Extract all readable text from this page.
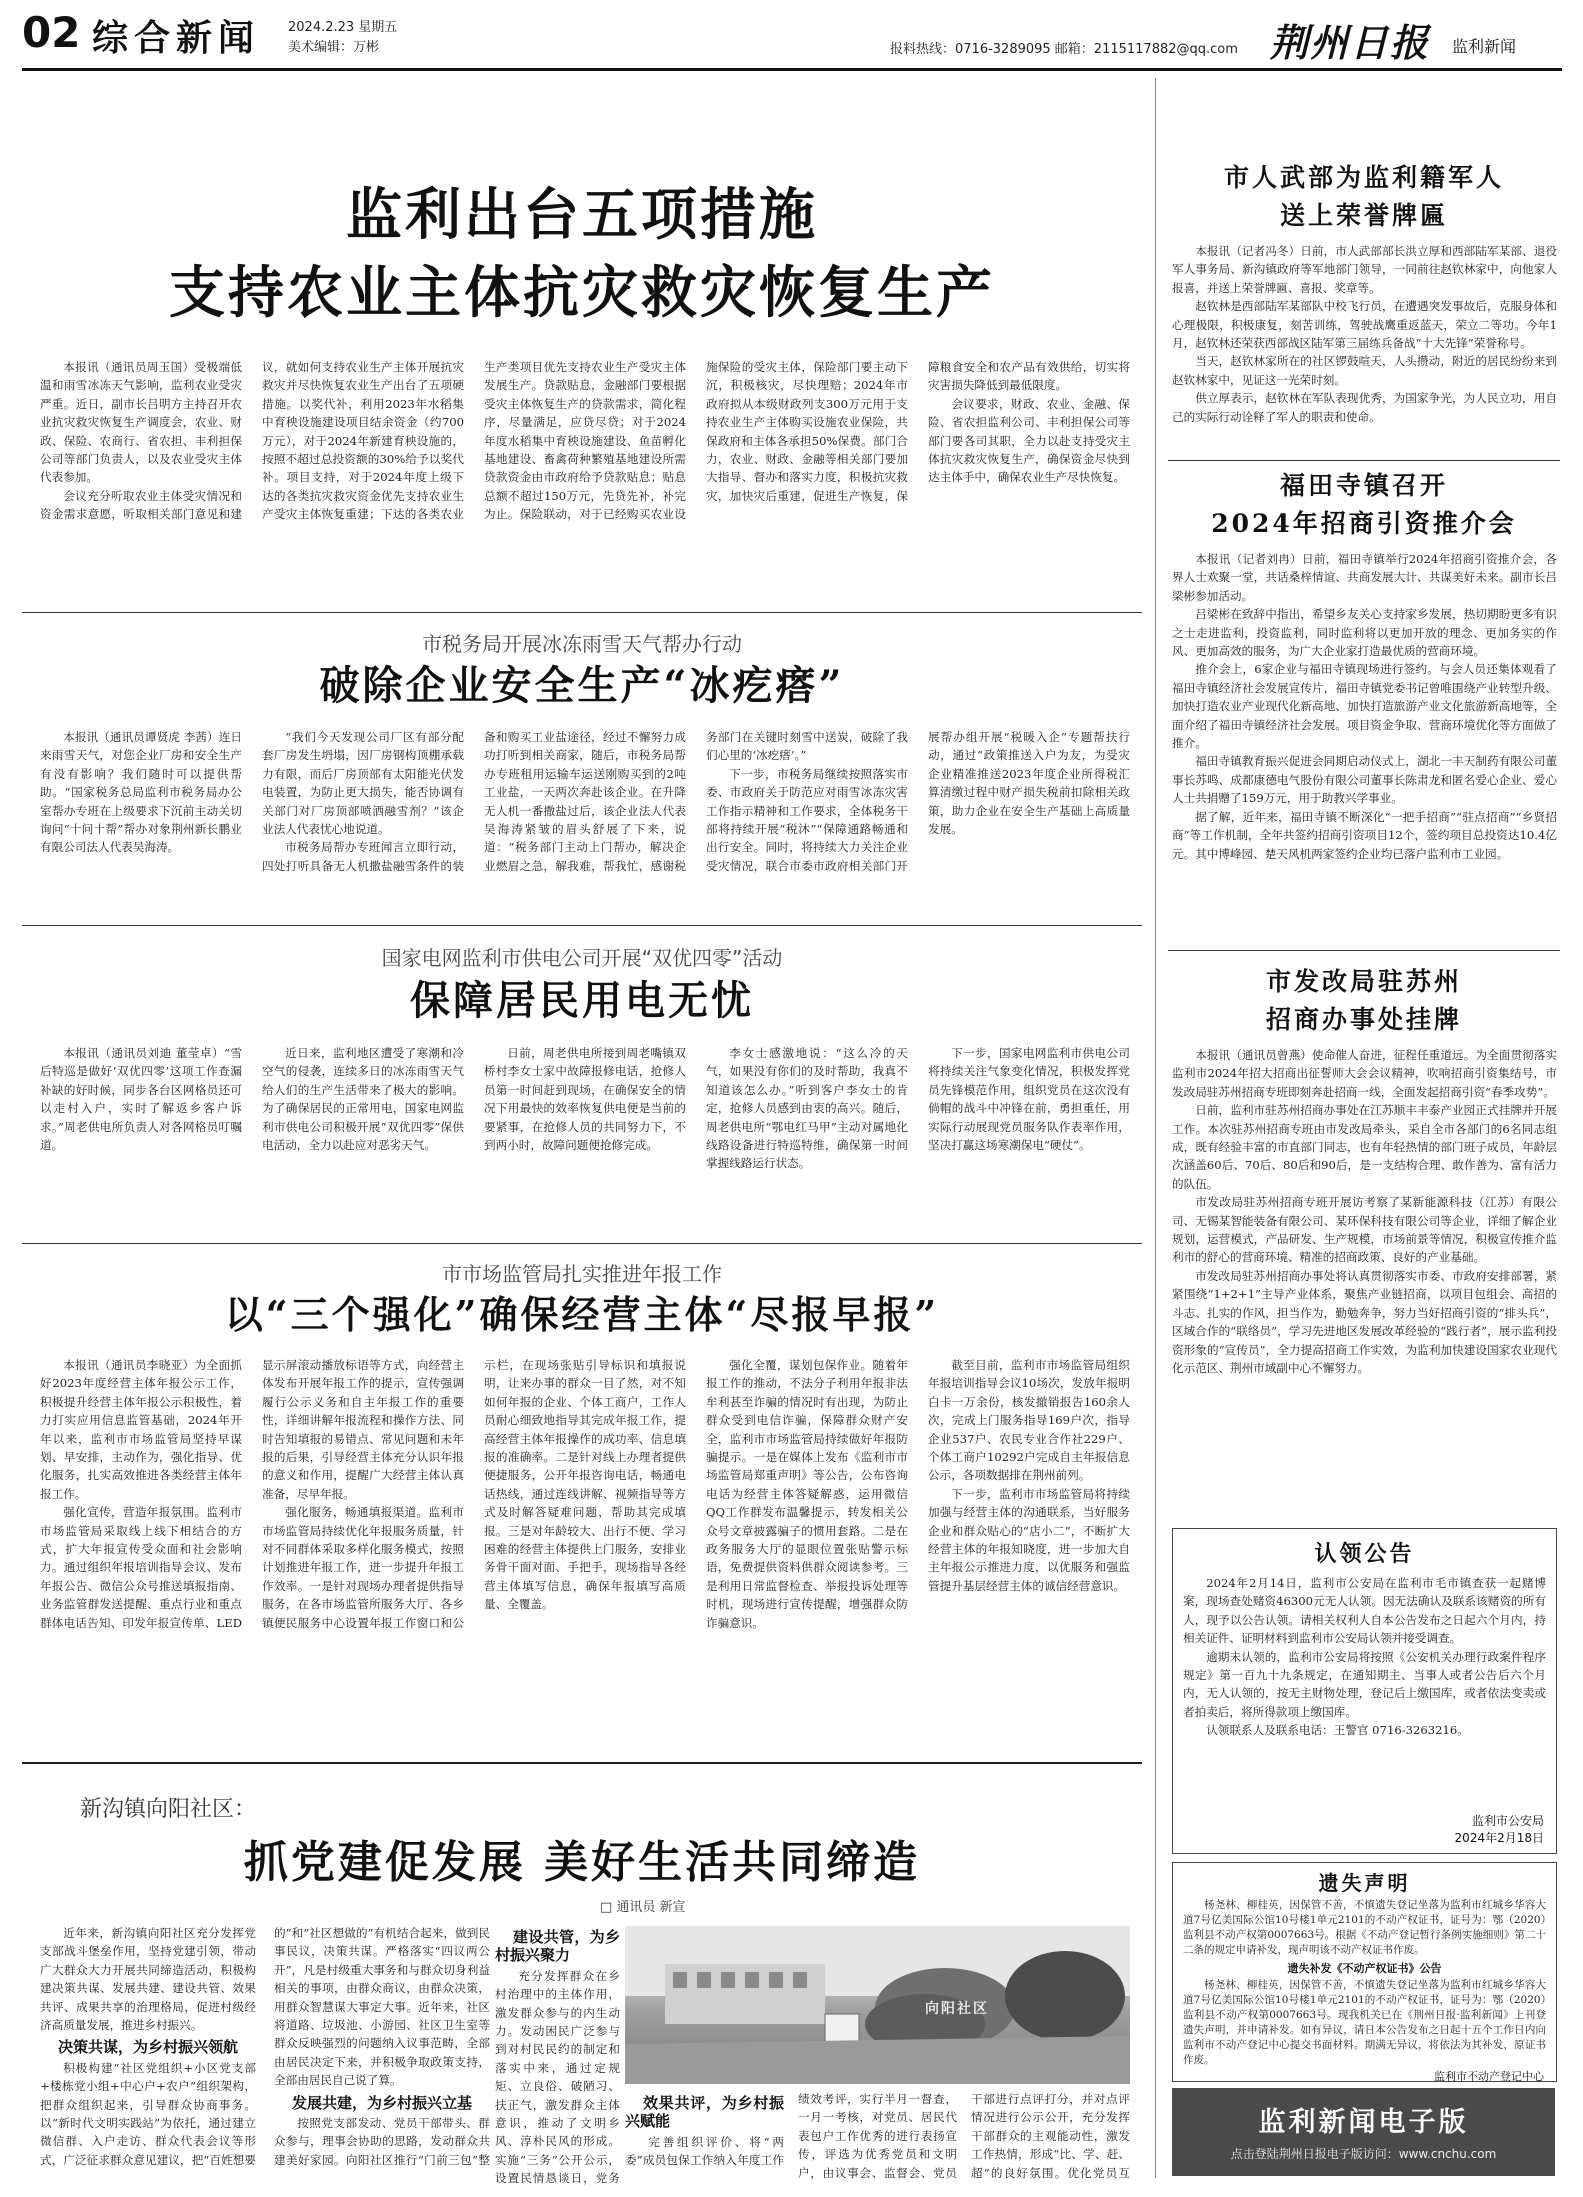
02 综合新闻 2024.2.23 星期五
美术编辑：万彬	报料热线：0716-3289095 邮箱：2115117882@qq.com 荆州日报 监利新闻
监利出台五项措施
支持农业主体抗灾救灾恢复生产

本报讯（通讯员周玉国）受极端低温和雨雪冰冻天气影响，监利农业受灾严重。近日，副市长吕明方主持召开农业抗灾救灾恢复生产调度会，农业、财政、保险、农商行、省农担、丰利担保公司等部门负责人，以及农业受灾主体代表参加。

会议充分听取农业主体受灾情况和资金需求意愿，听取相关部门意见和建议，就如何支持农业生产主体开展抗灾救灾并尽快恢复农业生产出台了五项硬措施。以奖代补，利用2023年水稻集中育秧设施建设项目结余资金（约700万元），对于2024年新建育秧设施的，按照不超过总投资额的30%给予以奖代补。项目支持，对于2024年度上级下达的各类抗灾救灾资金优先支持农业生产受灾主体恢复重建；下达的各类农业生产类项目优先支持农业生产受灾主体发展生产。贷款贴息，金融部门要根据受灾主体恢复生产的贷款需求，简化程序，尽量满足，应贷尽贷；对于2024年度水稻集中育秧设施建设、鱼苗孵化基地建设、畜禽荷种繁殖基地建设所需贷款资金由市政府给予贷款贴息；贴息总额不超过150万元，先贷先补，补完为止。保险联动，对于已经购买农业设施保险的受灾主体，保险部门要主动下沉，积极核灾，尽快理赔；2024年市政府拟从本级财政列支300万元用于支持农业生产主体购买设施农业保险，共保政府和主体各承担50%保费。部门合力，农业、财政、金融等相关部门要加大指导、督办和落实力度，积极抗灾救灾，加快灾后重建，促进生产恢复，保障粮食安全和农产品有效供给，切实将灾害损失降低到最低限度。

会议要求，财政、农业、金融、保险、省农担监利公司、丰利担保公司等部门要各司其职，全力以赴支持受灾主体抗灾救灾恢复生产，确保资金尽快到达主体手中，确保农业生产尽快恢复。

市税务局开展冰冻雨雪天气帮办行动
破除企业安全生产“冰疙瘩”

本报讯（通讯员谭贤虎 李茜）连日来雨雪天气，对您企业厂房和安全生产有没有影响？我们随时可以提供帮助。“国家税务总局监利市税务局办公室帮办专班在上级要求下沉前主动关切询问“十问十帮”帮办对象荆州新长鹏业有限公司法人代表吴海涛。

“我们今天发现公司厂区有部分配套厂房发生坍塌，因厂房钢构顶棚承载力有限，而后厂房顶部有太阳能光伏发电装置，为防止更大损失，能否协调有关部门对厂房顶部喷洒融雪剂？”该企业法人代表忧心地说道。

市税务局帮办专班闻言立即行动，四处打听具备无人机撒盐融雪条件的装备和购买工业盐途径，经过不懈努力成功打听到相关商家，随后，市税务局帮办专班租用运输车运送刚购买到的2吨工业盐，一天两次奔赴该企业。在升降无人机一番撒盐过后，该企业法人代表吴海涛紧皱的眉头舒展了下来，说道：“税务部门主动上门帮办，解决企业燃眉之急，解我难，帮我忙，感谢税务部门在关键时刻雪中送炭，破除了我们心里的‘冰疙瘩’。”

下一步，市税务局继续按照落实市委、市政府关于防范应对雨雪冰冻灾害工作指示精神和工作要求，全体税务干部将持续开展“税沐”“保障通路畅通和出行安全。同时，将持续大力关注企业受灾情况，联合市委市政府相关部门开展帮办组开展“税暖入企”专题帮扶行动，通过“政策推送入户为友，为受灾企业精准推送2023年度企业所得税汇算清缴过程中财产损失税前扣除相关政策，助力企业在安全生产基础上高质量发展。

国家电网监利市供电公司开展“双优四零”活动
保障居民用电无忧

本报讯（通讯员刘迪 董莹卓）“雪后特巡是做好‘双优四零’这项工作查漏补缺的好时候，同步各台区网格员还可以走村入户，实时了解返乡客户诉求。”周老供电所负责人对各网格员叮嘱道。

近日来，监利地区遭受了寒潮和冷空气的侵袭，连续多日的冰冻雨雪天气给人们的生产生活带来了极大的影响。为了确保居民的正常用电，国家电网监利市供电公司积极开展“双优四零”保供电活动，全力以赴应对恶劣天气。

日前，周老供电所接到周老嘴镇双桥村李女士家中故障报修电话，抢修人员第一时间赶到现场，在确保安全的情况下用最快的效率恢复供电便是当前的要紧事，在抢修人员的共同努力下，不到两小时，故障问题便抢修完成。

李女士感激地说：“这么冷的天气，如果没有你们的及时帮助，我真不知道该怎么办。”听到客户李女士的肯定，抢修人员感到由衷的高兴。随后，周老供电所“鄂电红马甲”主动对属地化线路设备进行特巡特维，确保第一时间掌握线路运行状态。

下一步，国家电网监利市供电公司将持续关注气象变化情况，积极发挥党员先锋模范作用，组织党员在这次没有倘帽的战斗中冲锋在前，勇担重任，用实际行动展现党员服务队作表率作用，坚决打赢这场寒潮保电“硬仗”。

市市场监管局扎实推进年报工作
以“三个强化”确保经营主体“尽报早报”

本报讯（通讯员李晓亚）为全面抓好2023年度经营主体年报公示工作，积极提升经营主体年报公示积极性，着力打实应用信息监管基础，2024年开年以来，监利市市场监管局坚持早谋划、早安排，主动作为，强化指导、优化服务，扎实高效推进各类经营主体年报工作。

强化宣传，营造年报氛围。监利市市场监管局采取线上线下相结合的方式，扩大年报宣传受众面和社会影响力。通过组织年报培训指导会议、发布年报公告、微信公众号推送填报指南、业务监管群发送提醒、重点行业和重点群体电话告知、印发年报宣传单、LED显示屏滚动播放标语等方式，向经营主体发布开展年报工作的提示，宣传强调履行公示义务和自主年报工作的重要性，详细讲解年报流程和操作方法、同时告知填报的易错点、常见问题和未年报的后果，引导经营主体充分认识年报的意义和作用，提醒广大经营主体认真准备，尽早年报。

强化服务，畅通填报渠道。监利市市场监管局持续优化年报服务质量，针对不同群体采取多样化服务模式，按照计划推进年报工作，进一步提升年报工作效率。一是针对现场办理者提供指导服务，在各市场监管所服务大厅、各乡镇便民服务中心设置年报工作窗口和公示栏，在现场张贴引导标识和填报说明，让来办事的群众一目了然，对不知如何年报的企业、个体工商户，工作人员耐心细致地指导其完成年报工作，提高经营主体年报操作的成功率、信息填报的准确率。二是针对线上办理者提供便捷服务，公开年报咨询电话，畅通电话热线，通过连线讲解、视频指导等方式及时解答疑难问题，帮助其完成填报。三是对年龄较大、出行不便、学习困难的经营主体提供上门服务，安排业务骨干面对面、手把手，现场指导各经营主体填写信息，确保年报填写高质量、全覆盖。

强化全覆，谋划包保作业。随着年报工作的推动，不法分子利用年报非法牟利甚至诈骗的情况时有出现，为防止群众受到电信诈骗，保障群众财产安全，监利市市场监管局持续做好年报防骗提示。一是在媒体上发布《监利市市场监管局郑重声明》等公告，公布咨询电话为经营主体答疑解惑，运用微信QQ工作群发布温馨提示，转发相关公众号文章披露骗子的惯用套路。二是在政务服务大厅的显眼位置张贴警示标语，免费提供资料供群众阅读参考。三是利用日常监督检查、举报投诉处理等时机，现场进行宣传提醒，增强群众防诈骗意识。

截至目前，监利市市场监管局组织年报培训指导会议10场次，发放年报明白卡一万余份，核发撤销报告160余人次，完成上门服务指导169户次，指导企业537户、农民专业合作社229户、个体工商户10292户完成自主年报信息公示，各项数据排在荆州前列。

下一步，监利市市场监管局将持续加强与经营主体的沟通联系，当好服务企业和群众贴心的“店小二”，不断扩大经营主体的年报知晓度，进一步加大自主年报公示推进力度，以优服务和强监管提升基层经营主体的诚信经营意识。

新沟镇向阳社区：
抓党建促发展 美好生活共同缔造
□ 通讯员 新宣

近年来，新沟镇向阳社区充分发挥党支部战斗堡垒作用，坚持党建引领，带动广大群众大力开展共同缔造活动，积极构建决策共谋、发展共建、建设共管、效果共评、成果共享的治理格局，促进村级经济高质量发展，推进乡村振兴。

决策共谋，为乡村振兴领航

积极构建“社区党组织+小区党支部+楼栋党小组+中心户+农户”组织架构，把群众组织起来，引导群众协商事务。以“新时代文明实践站”为依托，通过建立微信群、入户走访、群众代表会议等形式，广泛征求群众意见建议，把“百姓想要的”和“社区想做的”有机结合起来，做到民事民议，决策共谋。严格落实“四议两公开”，凡是村级重大事务和与群众切身利益相关的事项，由群众商议，由群众决策，用群众智慧谋大事定大事。近年来，社区将道路、垃圾池、小游园、社区卫生室等群众反映强烈的问题纳入议事范畴，全部由居民决定下来，并积极争取政策支持，全部由居民自己说了算。

发展共建，为乡村振兴立基

按照党支部发动、党员干部带头、群众参与，理事会协助的思路，发动群众共建美好家园。向阳社区推行“门前三包”整

向阳社区
建设共管，为乡村振兴聚力

充分发挥群众在乡村治理中的主体作用，激发群众参与的内生动力。发动困民广泛参与到对村民民约的制定和落实中来，通过定规矩、立良俗、破陋习、扶正气，激发群众主体意识，推动了文明乡风、淳朴民风的形成。实施“三务”公开公示，设置民情恳谈日，党务

效果共评，为乡村振兴赋能

完善组织评价、将“两委”成员包保工作纳入年度工作绩效考评，实行半月一督查，一月一考核，对党员、居民代表包户工作优秀的进行表扬宣传，评选为优秀党员和文明户，由议事会、监督会、党员干部进行点评打分，并对点评情况进行公示公开，充分发挥干部群众的主观能动性，激发工作热情，形成“比、学、赶、超”的良好氛围。优化党员互

市人武部为监利籍军人
送上荣誉牌匾

本报讯（记者冯冬）日前，市人武部部长洪立厚和西部陆军某部、退役军人事务局、新沟镇政府等军地部门领导，一同前往赵钦林家中，向他家人报喜，并送上荣誉牌匾、喜报、奖章等。

赵钦林是西部陆军某部队中校飞行员，在遭遇突发事故后，克服身体和心理极限，积极康复，刻苦训练，驾驶战鹰重返蓝天，荣立二等功。今年1月，赵钦林还荣获西部战区陆军第三届练兵备战“十大先锋”荣誉称号。

当天，赵钦林家所在的社区锣鼓喧天，人头攒动，附近的居民纷纷来到赵钦林家中，见证这一光荣时刻。

供立厚表示，赵钦林在军队表现优秀，为国家争光，为人民立功，用自己的实际行动诠释了军人的职责和使命。

福田寺镇召开
2024年招商引资推介会

本报讯（记者刘冉）日前，福田寺镇举行2024年招商引资推介会，各界人士欢聚一堂，共话桑梓情谊、共商发展大计、共谋美好未来。副市长吕梁彬参加活动。

吕梁彬在致辞中指出，希望乡友关心支持家乡发展，热切期盼更多有识之士走进监利，投资监利，同时监利将以更加开放的理念、更加务实的作风、更加高效的服务，为广大企业家打造最优质的营商环境。

推介会上，6家企业与福田寺镇现场进行签约。与会人员还集体观看了福田寺镇经济社会发展宣传片，福田寺镇党委书记曾唯围绕产业转型升级、加快打造农业产业现代化新高地、加快打造旅游产业文化旅游新高地等，全面介绍了福田寺镇经济社会发展。项目资金争取、营商环境优化等方面做了推介。

福田寺镇教育振兴促进会同期启动仪式上，湖北一丰天制药有限公司董事长苏鸣、成都康德电气股份有限公司董事长陈肃龙和匿名爱心企业、爱心人士共捐赠了159万元，用于助教兴学事业。

据了解，近年来，福田寺镇不断深化“一把手招商”“驻点招商”“乡贤招商”等工作机制，全年共签约招商引资项目12个，签约项目总投资达10.4亿元。其中博峰园、楚天风机两家签约企业均已落户监利市工业园。

市发改局驻苏州
招商办事处挂牌

本报讯（通讯员曾燕）使命催人奋进，征程任重道远。为全面贯彻落实监利市2024年招大招商出征誓师大会会议精神，吹响招商引资集结号，市发改局驻苏州招商专班即刻奔赴招商一线，全面发起招商引资“春季攻势”。

日前，监利市驻苏州招商办事处在江苏顺丰丰泰产业园正式挂牌并开展工作。本次驻苏州招商专班由市发改局牵头，采自全市各部门的6名同志组成，既有经验丰富的市直部门同志，也有年轻热情的部门班子成员，年龄层次涵盖60后、70后、80后和90后，是一支结构合理、敢作善为、富有活力的队伍。

市发改局驻苏州招商专班开展访考察了某新能源科技（江苏）有限公司、无锡某智能装备有限公司、某环保科技有限公司等企业，详细了解企业规划，运营模式，产品研发、生产规模，市场前景等情况，积极宣传推介监利市的舒心的营商环境、精准的招商政策、良好的产业基础。

市发改局驻苏州招商办事处将认真贯彻落实市委、市政府安排部署，紧紧围绕“1+2+1”主导产业体系，聚焦产业链招商，以项目包组会、高招的斗志、扎实的作风，担当作为，勤勉奔争，努力当好招商引资的“排头兵”，区域合作的“联络员”，学习先进地区发展改革经验的“践行者”，展示监利投资形象的“宣传员”，全力提高招商工作实效，为监利加快建设国家农业现代化示范区、荆州市域副中心不懈努力。

认领公告

2024年2月14日，监利市公安局在监利市毛市镇查获一起赌博案，现场查处赌资46300元无人认领。因无法确认及联系该赌资的所有人，现予以公告认领。请相关权利人自本公告发布之日起六个月内，持相关证件、证明材料到监利市公安局认领并接受调查。

逾期未认领的，监利市公安局将按照《公安机关办理行政案件程序规定》第一百九十九条规定，在通知期主、当事人或者公告后六个月内，无人认领的，按无主财物处理，登记后上缴国库，或者依法变卖或者拍卖后，将所得款项上缴国库。

认领联系人及联系电话：王警官 0716-3263216。

监利市公安局
2024年2月18日
遗失声明

杨尧林、柳桂英，因保管不善，不慎遗失登记坐落为监利市红城乡华容大道7号亿美国际公馆10号楼1单元2101的不动产权证书，证号为：鄂（2020）监利县不动产权第0007663号。根据《不动产登记暂行条例实施细则》第二十二条的规定申请补发，现声明该不动产权证书作废。

遗失补发《不动产权证书》公告

杨尧林、柳桂英，因保管不善，不慎遗失登记坐落为监利市红城乡华容大道7号亿美国际公馆10号楼1单元2101的不动产权证书，证号为：鄂（2020）监利县不动产权第0007663号。现我机关已在《荆州日报·监利新闻》上刊登遗失声明，并申请补发。如有异议，请日本公告发布之日起十五个工作日内向监利市不动产登记中心提交书面材料。期满无异议，将依法为其补发，原证书作废。

监利市不动产登记中心
监利新闻电子版
点击登陆荆州日报电子版访问：www.cnchu.com
